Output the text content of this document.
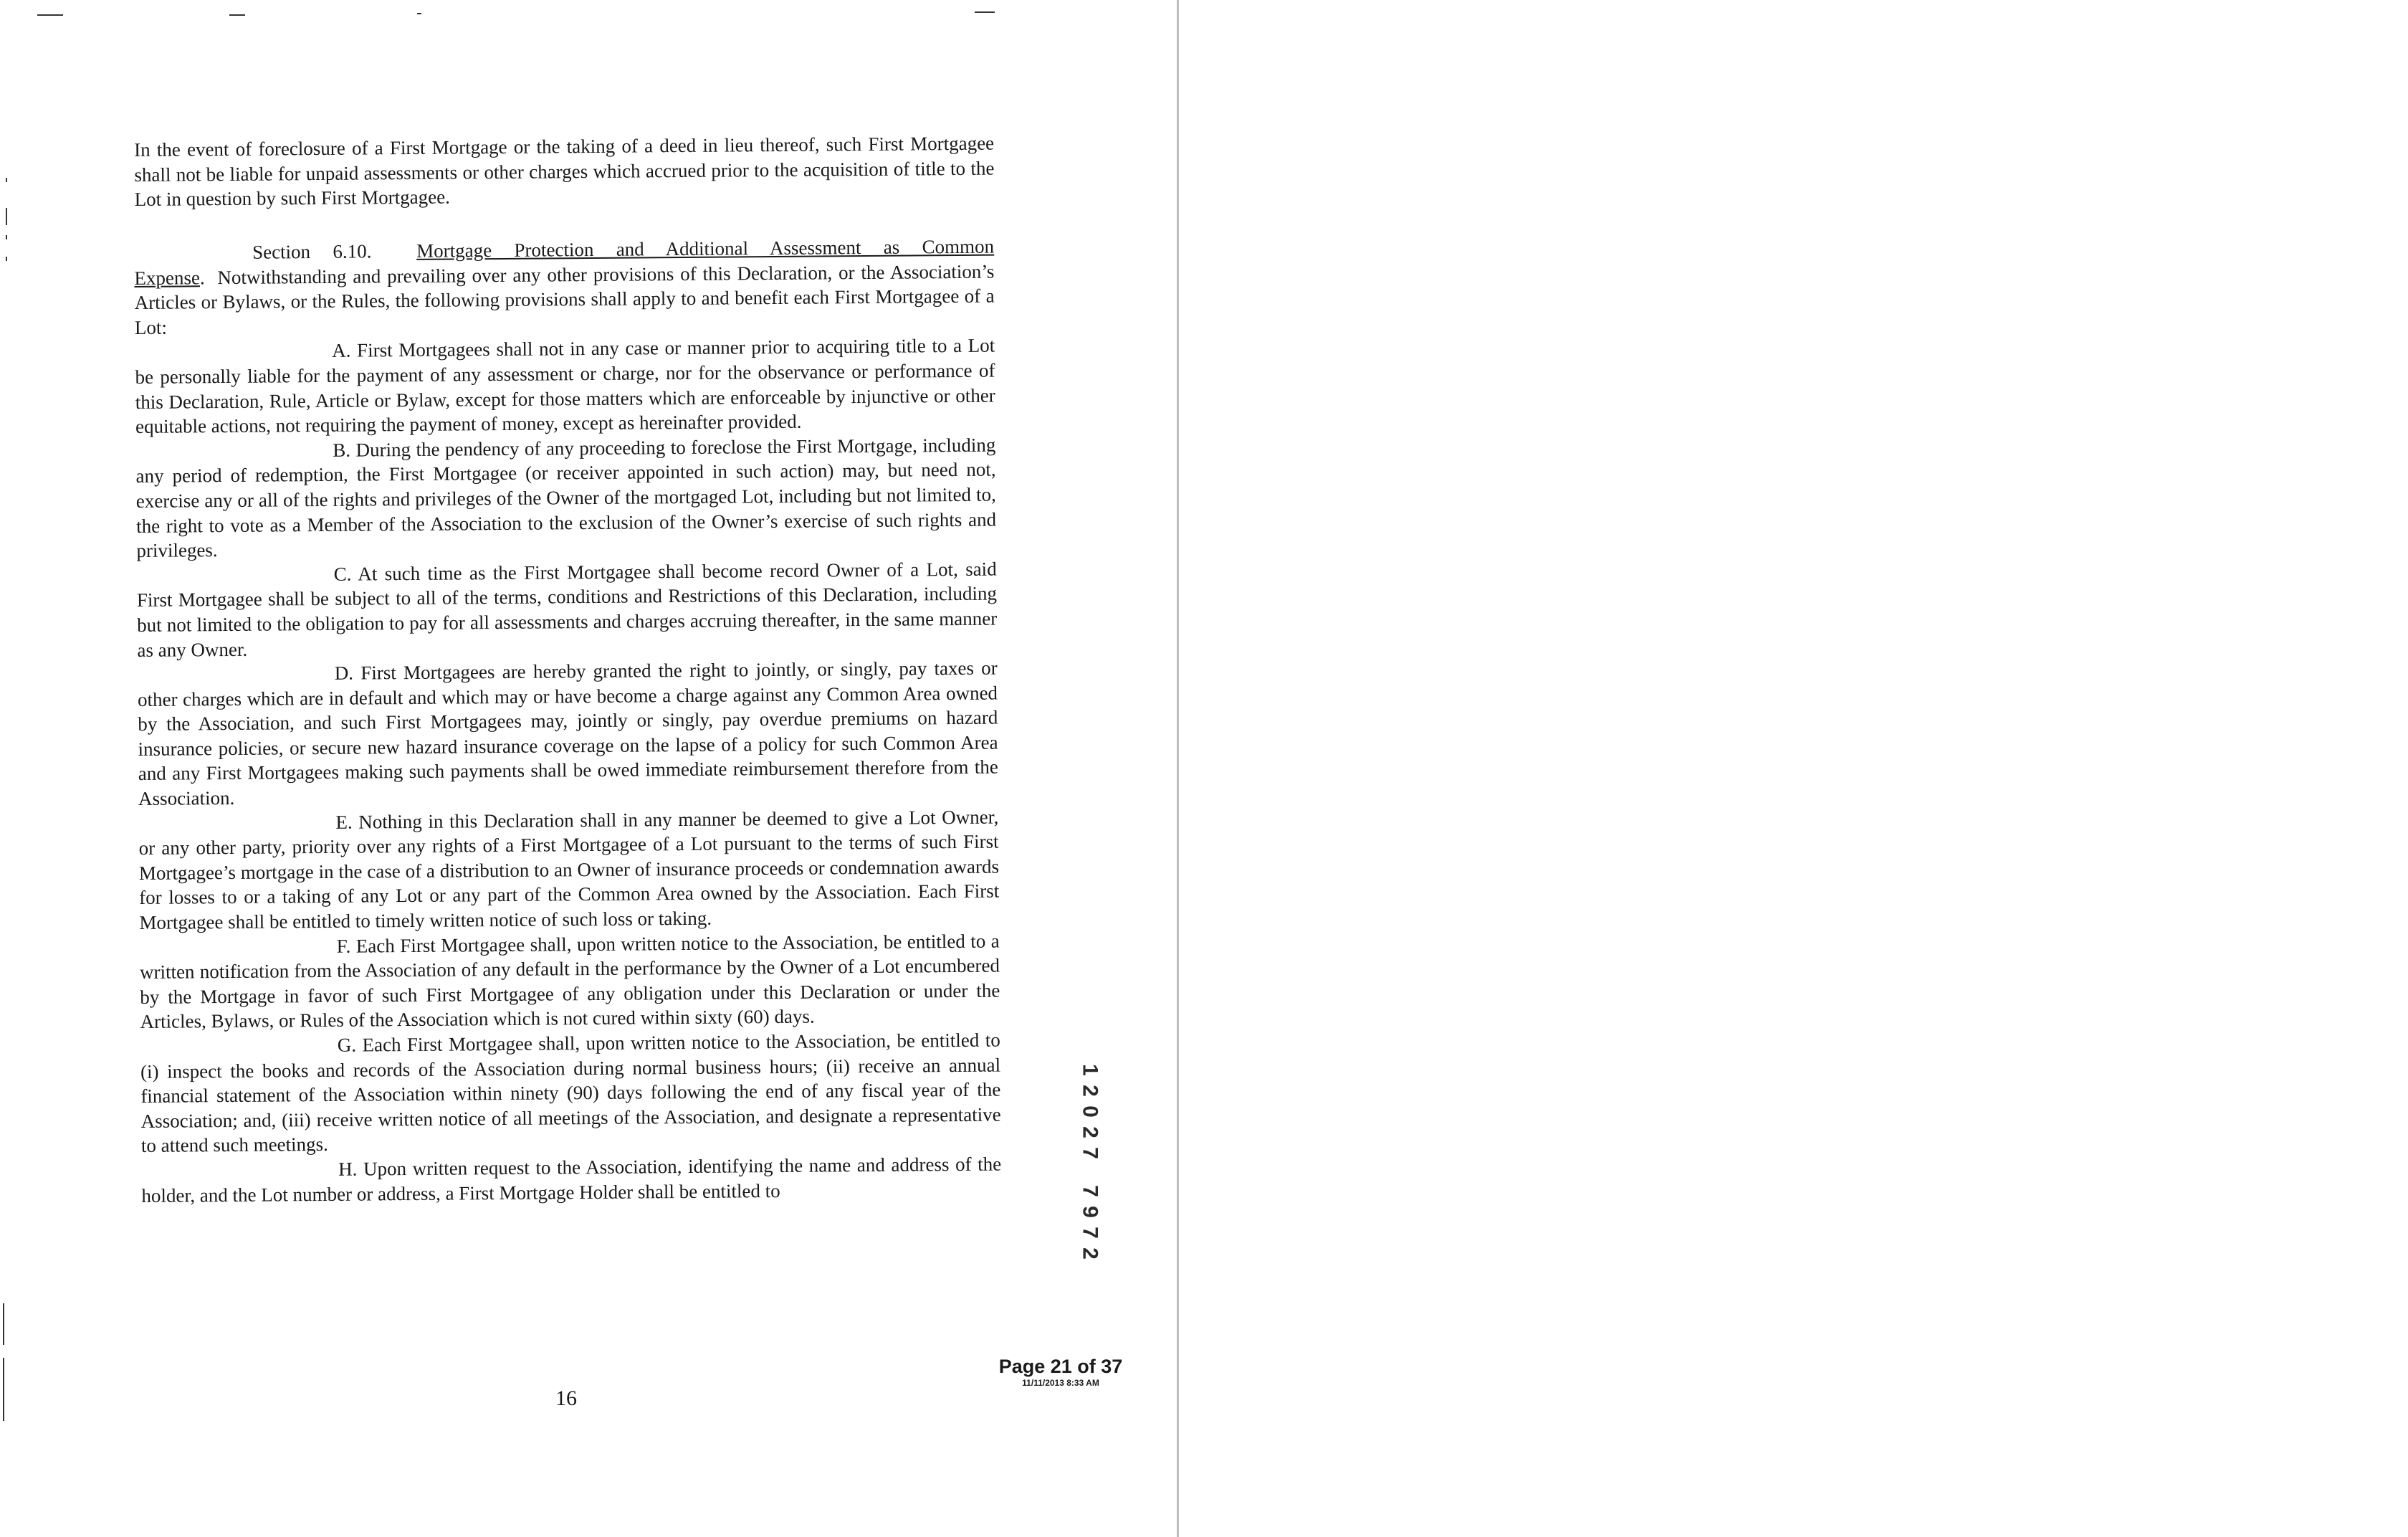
In the event of foreclosure of a First Mortgage or the taking of a deed in lieu thereof, such First Mortgagee shall not be liable for unpaid assessments or other charges which accrued prior to the acquisition of title to the Lot in question by such First Mortgagee.

Section 6.10. Mortgage Protection and Additional Assessment as Common Expense.  Notwithstanding and prevailing over any other provisions of this Declaration, or the Association’s Articles or Bylaws, or the Rules, the following provisions shall apply to and benefit each First Mortgagee of a Lot:

A. First Mortgagees shall not in any case or manner prior to acquiring title to a Lot be personally liable for the payment of any assessment or charge, nor for the observance or performance of this Declaration, Rule, Article or Bylaw, except for those matters which are enforceable by injunctive or other equitable actions, not requiring the payment of money, except as hereinafter provided.

B. During the pendency of any proceeding to foreclose the First Mortgage, including any period of redemption, the First Mortgagee (or receiver appointed in such action) may, but need not, exercise any or all of the rights and privileges of the Owner of the mortgaged Lot, including but not limited to, the right to vote as a Member of the Association to the exclusion of the Owner’s exercise of such rights and privileges.

C. At such time as the First Mortgagee shall become record Owner of a Lot, said First Mortgagee shall be subject to all of the terms, conditions and Restrictions of this Declaration, including but not limited to the obligation to pay for all assessments and charges accruing thereafter, in the same manner as any Owner.

D. First Mortgagees are hereby granted the right to jointly, or singly, pay taxes or other charges which are in default and which may or have become a charge against any Common Area owned by the Association, and such First Mortgagees may, jointly or singly, pay overdue premiums on hazard insurance policies, or secure new hazard insurance coverage on the lapse of a policy for such Common Area and any First Mortgagees making such payments shall be owed immediate reimbursement therefore from the Association.

E. Nothing in this Declaration shall in any manner be deemed to give a Lot Owner, or any other party, priority over any rights of a First Mortgagee of a Lot pursuant to the terms of such First Mortgagee’s mortgage in the case of a distribution to an Owner of insurance proceeds or condemnation awards for losses to or a taking of any Lot or any part of the Common Area owned by the Association. Each First Mortgagee shall be entitled to timely written notice of such loss or taking.

F. Each First Mortgagee shall, upon written notice to the Association, be entitled to a written notification from the Association of any default in the performance by the Owner of a Lot encumbered by the Mortgage in favor of such First Mortgagee of any obligation under this Declaration or under the Articles, Bylaws, or Rules of the Association which is not cured within sixty (60) days.

G. Each First Mortgagee shall, upon written notice to the Association, be entitled to (i) inspect the books and records of the Association during normal business hours; (ii) receive an annual financial statement of the Association within ninety (90) days following the end of any fiscal year of the Association; and, (iii) receive written notice of all meetings of the Association, and designate a representative to attend such meetings.

H. Upon written request to the Association, identifying the name and address of the holder, and the Lot number or address, a First Mortgage Holder shall be entitled to

1
2
0
2
7
7
9
7
2
Page 21 of 37
11/11/2013 8:33 AM
16
